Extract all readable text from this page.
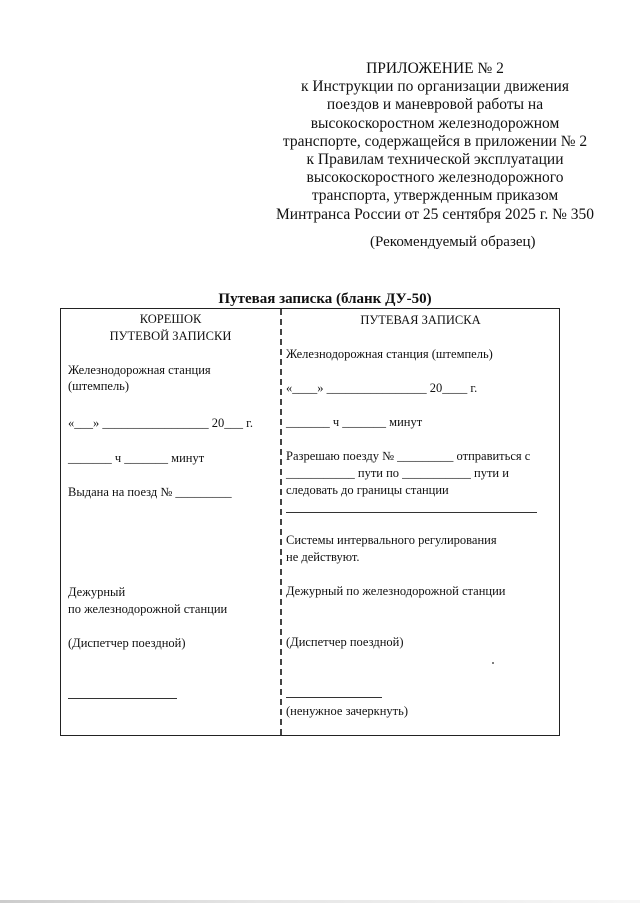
ПРИЛОЖЕНИЕ № 2
к Инструкции по организации движения
поездов и маневровой работы на
высокоскоростном железнодорожном
транспорте, содержащейся в приложении № 2
к Правилам технической эксплуатации
высокоскоростного железнодорожного
транспорта, утвержденным приказом
Минтранса России от 25 сентября 2025 г. № 350
(Рекомендуемый образец)
Путевая записка (бланк ДУ-50)
КОРЕШОК
ПУТЕВОЙ ЗАПИСКИ
Железнодорожная станция
(штемпель)
«___» _________________ 20___ г.
_______ ч _______ минут
Выдана на поезд № _________
Дежурный
по железнодорожной станции
(Диспетчер поездной)
ПУТЕВАЯ ЗАПИСКА
Железнодорожная станция (штемпель)
«____» ________________ 20____ г.
_______ ч _______ минут
Разрешаю поезду № _________ отправиться с
___________ пути по ___________ пути и
следовать до границы станции
Системы интервального регулирования
не действуют.
Дежурный по железнодорожной станции
(Диспетчер поездной)
(ненужное зачеркнуть)
